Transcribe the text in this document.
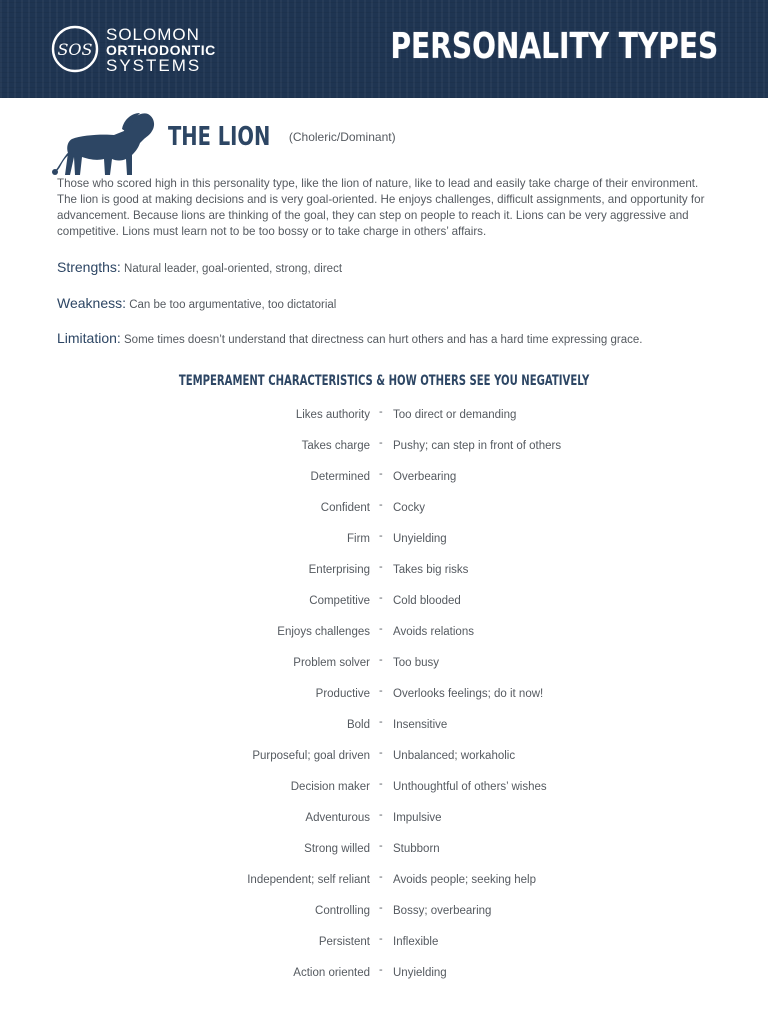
SOS
SOLOMON
ORTHODONTIC
SYSTEMS	PERSONALITY TYPES
THE LION $^{(Choleric/Dominant)}$

Those who scored high in this personality type, like the lion of nature, like to lead and easily take charge of their environment. The lion is good at making decisions and is very goal-oriented. He enjoys challenges, difficult assignments, and opportunity for advancement. Because lions are thinking of the goal, they can step on people to reach it. Lions can be very aggressive and competitive. Lions must learn not to be too bossy or to take charge in others’ affairs.

Strengths: Natural leader, goal-oriented, strong, direct
Weakness: Can be too argumentative, too dictatorial
Limitation: Some times doesn’t understand that directness can hurt others and has a hard time expressing grace.
TEMPERAMENT CHARACTERISTICS & HOW OTHERS SEE YOU NEGATIVELY
Likes authority - Too direct or demanding
Takes charge - Pushy; can step in front of others
Determined - Overbearing
Confident - Cocky
Firm - Unyielding
Enterprising - Takes big risks
Competitive - Cold blooded
Enjoys challenges - Avoids relations
Problem solver - Too busy
Productive - Overlooks feelings; do it now!
Bold - Insensitive
Purposeful; goal driven - Unbalanced; workaholic
Decision maker - Unthoughtful of others’ wishes
Adventurous - Impulsive
Strong willed - Stubborn
Independent; self reliant - Avoids people; seeking help
Controlling - Bossy; overbearing
Persistent - Inflexible
Action oriented - Unyielding
